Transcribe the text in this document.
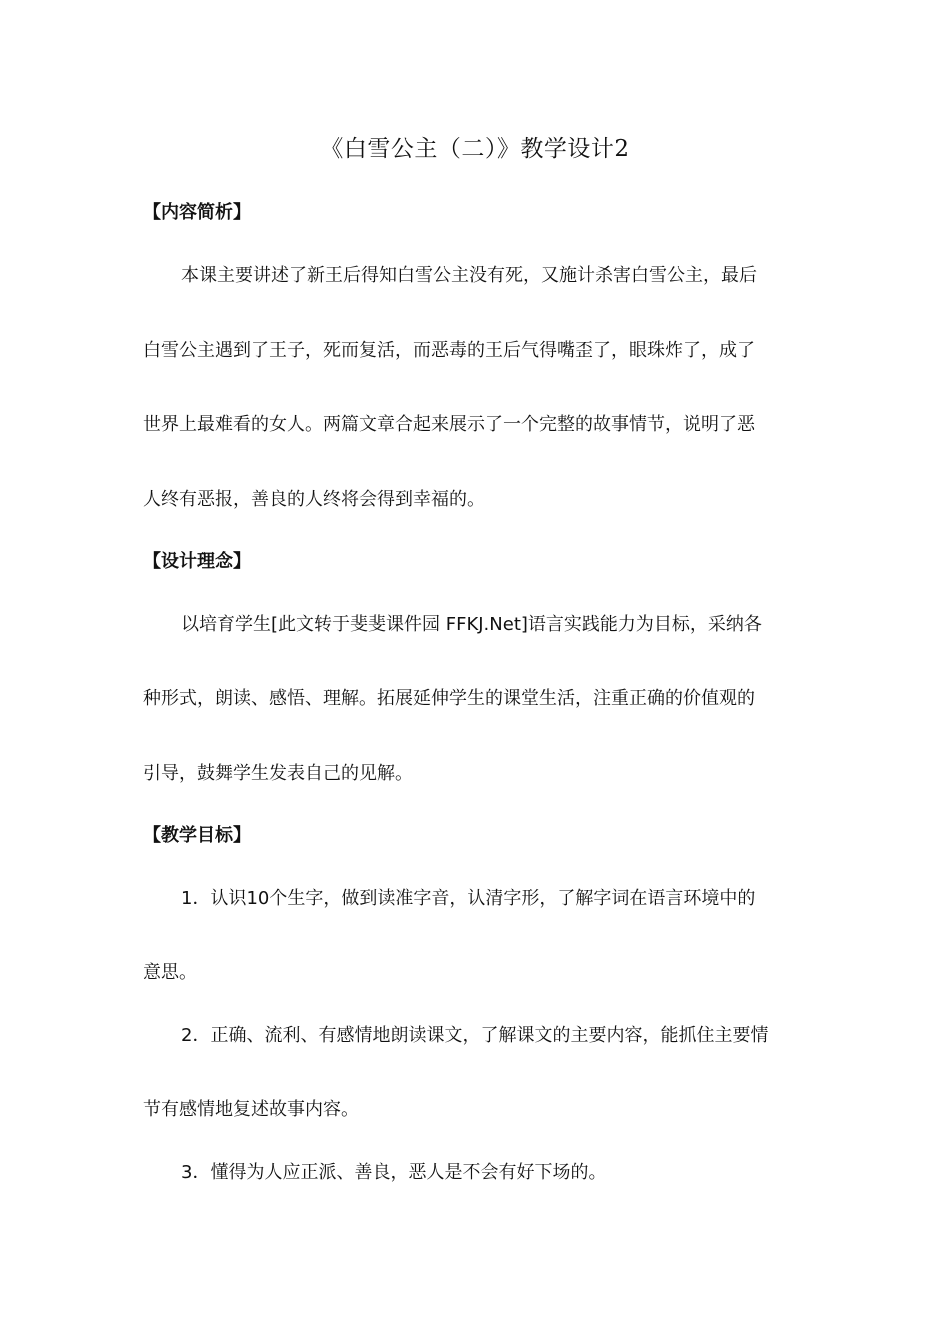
《白雪公主（二）》教学设计2
【内容简析】
本课主要讲述了新王后得知白雪公主没有死，又施计杀害白雪公主，最后
白雪公主遇到了王子，死而复活，而恶毒的王后气得嘴歪了，眼珠炸了，成了
世界上最难看的女人。两篇文章合起来展示了一个完整的故事情节，说明了恶
人终有恶报，善良的人终将会得到幸福的。
【设计理念】
以培育学生[此文转于斐斐课件园 FFKJ.Net]语言实践能力为目标，采纳各
种形式，朗读、感悟、理解。拓展延伸学生的课堂生活，注重正确的价值观的
引导，鼓舞学生发表自己的见解。
【教学目标】
1．认识10个生字，做到读准字音，认清字形，了解字词在语言环境中的
意思。
2．正确、流利、有感情地朗读课文，了解课文的主要内容，能抓住主要情
节有感情地复述故事内容。
3．懂得为人应正派、善良，恶人是不会有好下场的。
